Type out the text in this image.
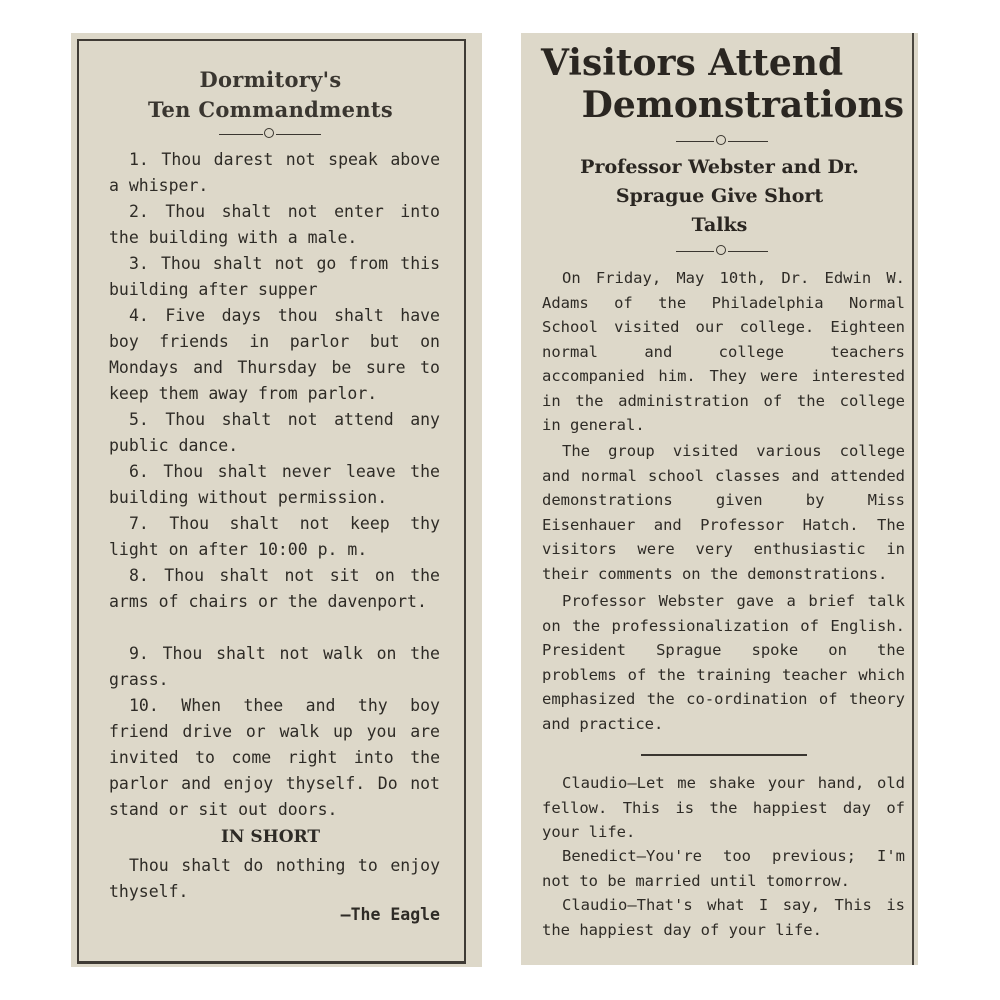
Dormitory's
Ten Commandments
1. Thou darest not speak above a whisper.
2. Thou shalt not enter into the building with a male.
3. Thou shalt not go from this building after supper
4. Five days thou shalt have boy friends in parlor but on Mondays and Thursday be sure to keep them away from parlor.
5. Thou shalt not attend any public dance.
6. Thou shalt never leave the building without permission.
7. Thou shalt not keep thy light on after 10:00 p. m.
8. Thou shalt not sit on the arms of chairs or the davenport.
9. Thou shalt not walk on the grass.
10. When thee and thy boy friend drive or walk up you are invited to come right into the parlor and enjoy thyself. Do not stand or sit out doors.
IN SHORT
Thou shalt do nothing to enjoy thyself.
—The Eagle
Visitors Attend
Demonstrations
Professor Webster and Dr.
Sprague Give Short
Talks
On Friday, May 10th, Dr. Edwin W. Adams of the Philadelphia Normal School visited our college. Eighteen normal and college teachers accompanied him. They were interested in the administration of the college in general.
The group visited various college and normal school classes and attended demonstrations given by Miss Eisenhauer and Professor Hatch. The visitors were very enthusiastic in their comments on the demonstrations.
Professor Webster gave a brief talk on the professionalization of English. President Sprague spoke on the problems of the training teacher which emphasized the co-ordination of theory and practice.
Claudio—Let me shake your hand, old fellow. This is the happiest day of your life.
Benedict—You're too previous; I'm not to be married until tomorrow.
Claudio—That's what I say, This is the happiest day of your life.
